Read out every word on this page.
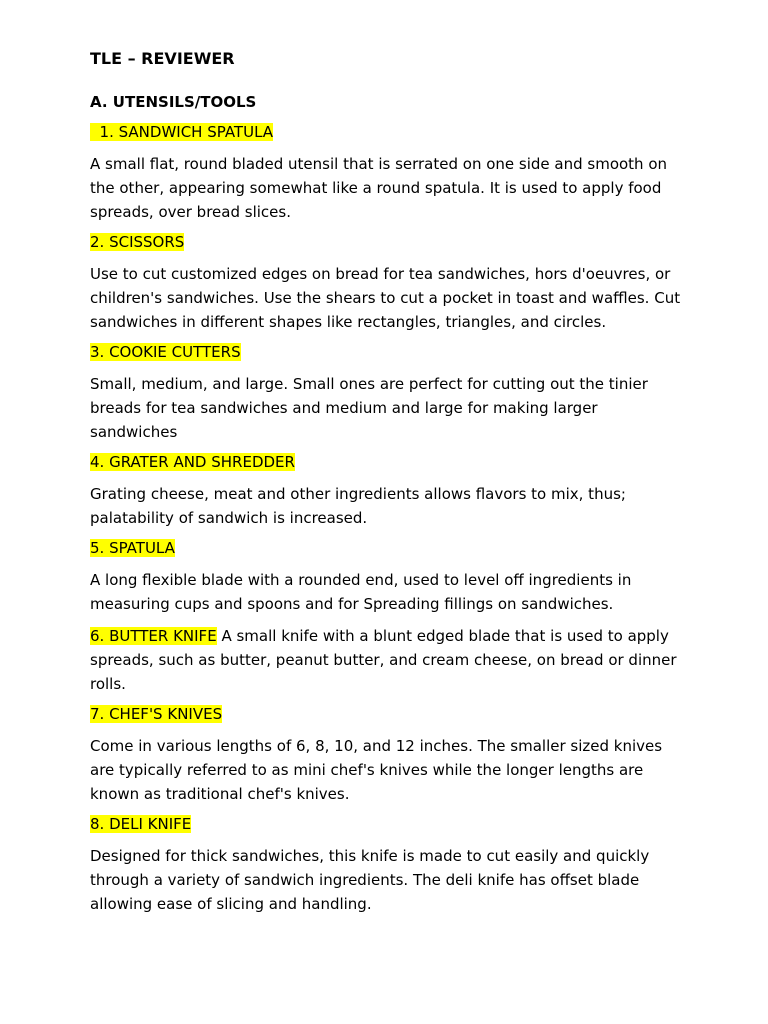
TLE – REVIEWER
A. UTENSILS/TOOLS
1. SANDWICH SPATULA
A small flat, round bladed utensil that is serrated on one side and smooth on the other, appearing somewhat like a round spatula. It is used to apply food spreads, over bread slices.
2. SCISSORS
Use to cut customized edges on bread for tea sandwiches, hors d'oeuvres, or children's sandwiches. Use the shears to cut a pocket in toast and waffles. Cut sandwiches in different shapes like rectangles, triangles, and circles.
3. COOKIE CUTTERS
Small, medium, and large. Small ones are perfect for cutting out the tinier breads for tea sandwiches and medium and large for making larger sandwiches
4. GRATER AND SHREDDER
Grating cheese, meat and other ingredients allows flavors to mix, thus; palatability of sandwich is increased.
5. SPATULA
A long flexible blade with a rounded end, used to level off ingredients in measuring cups and spoons and for Spreading fillings on sandwiches.
6. BUTTER KNIFE A small knife with a blunt edged blade that is used to apply spreads, such as butter, peanut butter, and cream cheese, on bread or dinner rolls.
7. CHEF'S KNIVES
Come in various lengths of 6, 8, 10, and 12 inches. The smaller sized knives are typically referred to as mini chef's knives while the longer lengths are known as traditional chef's knives.
8. DELI KNIFE
Designed for thick sandwiches, this knife is made to cut easily and quickly through a variety of sandwich ingredients. The deli knife has offset blade allowing ease of slicing and handling.
